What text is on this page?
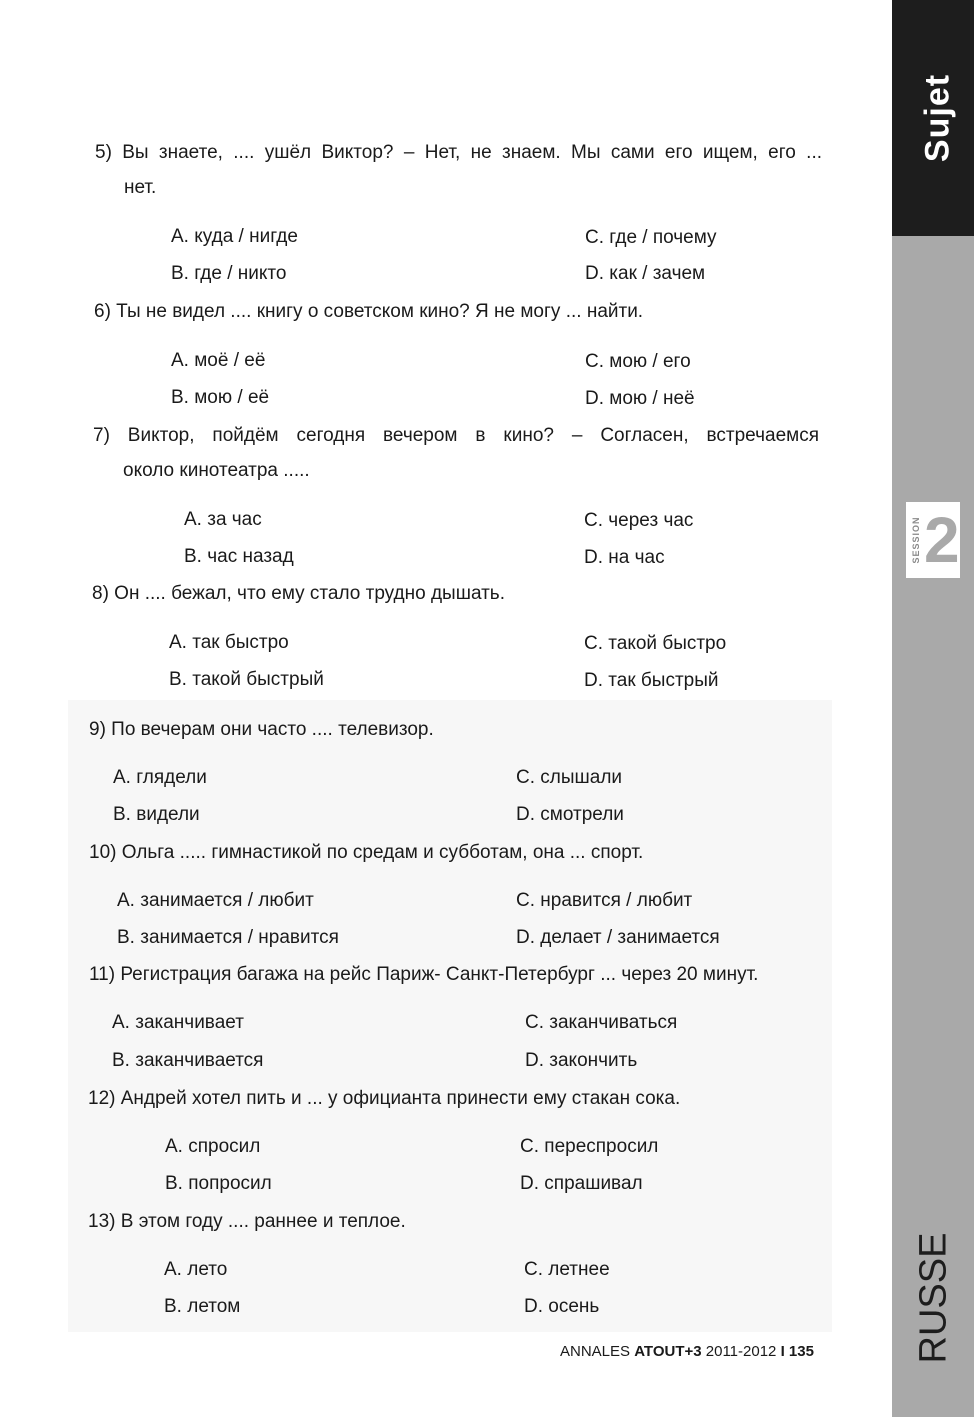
5) Вы знаете, .... ушёл Виктор? – Нет, не знаем. Мы сами его ищем, его ...
нет.
А. куда / нигде
В. где / никто
C. где / почему
D. как / зачем
6) Ты не видел .... книгу о советском кино? Я не могу ... найти.
А. моё / её
В. мою / её
C. мою / его
D. мою / неё
7) Виктор, пойдём сегодня вечером в кино? – Согласен, встречаемся
около кинотеатра .....
А. за час
В. час назад
C. через час
D. на час
8) Он .... бежал, что ему стало трудно дышать.
А. так быстро
В. такой быстрый
C. такой быстро
D. так быстрый
9) По вечерам они часто .... телевизор.
А. глядели
В. видели
C. слышали
D. смотрели
10) Ольга ..... гимнастикой по средам и субботам, она ... спорт.
А. занимается / любит
В. занимается / нравится
C. нравится / любит
D. делает / занимается
11) Регистрация багажа на рейс Париж- Санкт-Петербург ... через 20 минут.
А. заканчивает
В. заканчивается
C. заканчиваться
D. закончить
12) Андрей хотел пить и ... у официанта принести ему стакан сока.
А. спросил
В. попросил
C. переспросил
D. спрашивал
13) В этом году .... раннее и теплое.
А. лето
В. летом
C. летнее
D. осень
ANNALES ATOUT+3 2011-2012 I 135
Sujet
SESSION 2
RUSSE
